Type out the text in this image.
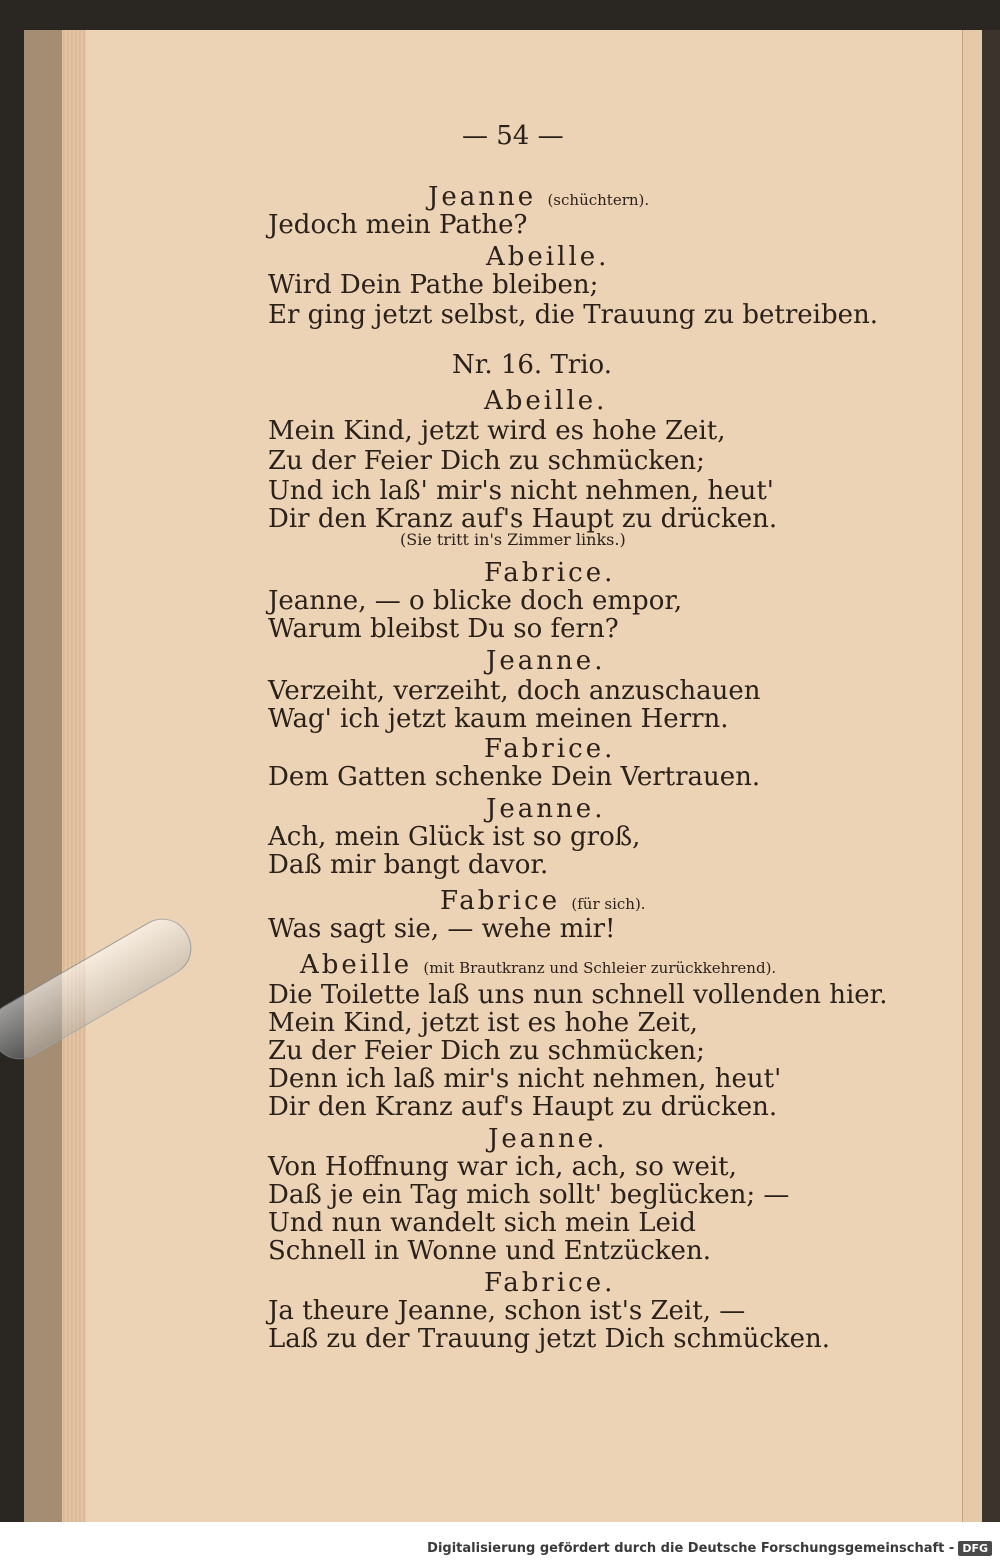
— 54 —
Jeanne (schüchtern).
Jedoch mein Pathe?
Abeille.
Wird Dein Pathe bleiben;
Er ging jetzt selbst, die Trauung zu betreiben.
Nr. 16. Trio.
Abeille.
Mein Kind, jetzt wird es hohe Zeit,
Zu der Feier Dich zu schmücken;
Und ich laß' mir's nicht nehmen, heut'
Dir den Kranz auf's Haupt zu drücken.
(Sie tritt in's Zimmer links.)
Fabrice.
Jeanne, — o blicke doch empor,
Warum bleibst Du so fern?
Jeanne.
Verzeiht, verzeiht, doch anzuschauen
Wag' ich jetzt kaum meinen Herrn.
Fabrice.
Dem Gatten schenke Dein Vertrauen.
Jeanne.
Ach, mein Glück ist so groß,
Daß mir bangt davor.
Fabrice (für sich).
Was sagt sie, — wehe mir!
Abeille (mit Brautkranz und Schleier zurückkehrend).
Die Toilette laß uns nun schnell vollenden hier.
Mein Kind, jetzt ist es hohe Zeit,
Zu der Feier Dich zu schmücken;
Denn ich laß mir's nicht nehmen, heut'
Dir den Kranz auf's Haupt zu drücken.
Jeanne.
Von Hoffnung war ich, ach, so weit,
Daß je ein Tag mich sollt' beglücken; —
Und nun wandelt sich mein Leid
Schnell in Wonne und Entzücken.
Fabrice.
Ja theure Jeanne, schon ist's Zeit, —
Laß zu der Trauung jetzt Dich schmücken.
Digitalisierung gefördert durch die Deutsche Forschungsgemeinschaft - DFG
